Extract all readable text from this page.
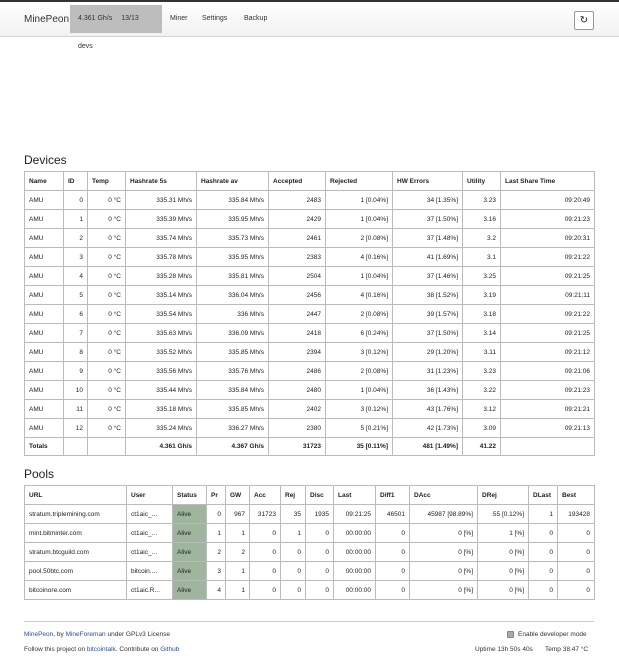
MinePeon	4.361 Gh/s 13/13 devs
Miner Settings Backup	↻
Devices
Name	ID	Temp	Hashrate 5s	Hashrate av	Accepted	Rejected	HW Errors	Utility	Last Share Time
AMU	0	0 °C	335.31 Mh/s	335.84 Mh/s	2483	1 [0.04%]	34 [1.35%]	3.23	09:20:49
AMU	1	0 °C	335.39 Mh/s	335.95 Mh/s	2429	1 [0.04%]	37 [1.50%]	3.16	09:21:23
AMU	2	0 °C	335.74 Mh/s	335.73 Mh/s	2461	2 [0.08%]	37 [1.48%]	3.2	09:20:31
AMU	3	0 °C	335.78 Mh/s	335.95 Mh/s	2383	4 [0.16%]	41 [1.69%]	3.1	09:21:22
AMU	4	0 °C	335.28 Mh/s	335.81 Mh/s	2504	1 [0.04%]	37 [1.46%]	3.25	09:21:25
AMU	5	0 °C	335.14 Mh/s	336.04 Mh/s	2456	4 [0.16%]	38 [1.52%]	3.19	09:21:11
AMU	6	0 °C	335.54 Mh/s	336 Mh/s	2447	2 [0.08%]	39 [1.57%]	3.18	09:21:22
AMU	7	0 °C	335.63 Mh/s	336.09 Mh/s	2418	6 [0.24%]	37 [1.50%]	3.14	09:21:25
AMU	8	0 °C	335.52 Mh/s	335.85 Mh/s	2394	3 [0.12%]	29 [1.20%]	3.11	09:21:12
AMU	9	0 °C	335.56 Mh/s	335.76 Mh/s	2486	2 [0.08%]	31 [1.23%]	3.23	09:21:06
AMU	10	0 °C	335.44 Mh/s	335.84 Mh/s	2480	1 [0.04%]	36 [1.43%]	3.22	09:21:23
AMU	11	0 °C	335.18 Mh/s	335.85 Mh/s	2402	3 [0.12%]	43 [1.76%]	3.12	09:21:21
AMU	12	0 °C	335.24 Mh/s	336.27 Mh/s	2380	5 [0.21%]	42 [1.73%]	3.09	09:21:13
Totals			4.361 Gh/s	4.367 Gh/s	31723	35 [0.11%]	481 [1.49%]	41.22	
Pools
URL	User	Status	Pr	GW	Acc	Rej	Disc	Last	Diff1	DAcc	DRej	DLast	Best
stratum.triplemining.com	ct1aic_...	Alive	0	967	31723	35	1935	09:21:25	46501	45987 [98.89%]	55 [0.12%]	1	193428
mint.bitminter.com	ct1aic_...	Alive	1	1	0	1	0	00:00:00	0	0 [%]	1 [%]	0	0
stratum.btcguild.com	ct1aic_...	Alive	2	2	0	0	0	00:00:00	0	0 [%]	0 [%]	0	0
pool.50btc.com	bitcoin....	Alive	3	1	0	0	0	00:00:00	0	0 [%]	0 [%]	0	0
bitcoinore.com	ct1aic.R...	Alive	4	1	0	0	0	00:00:00	0	0 [%]	0 [%]	0	0
MinePeon, by MineForeman under GPLv3 License
Follow this project on bitcointalk. Contribute on Github
Enable developer mode
Uptime 13h 50s 40s Temp 38.47 °C
